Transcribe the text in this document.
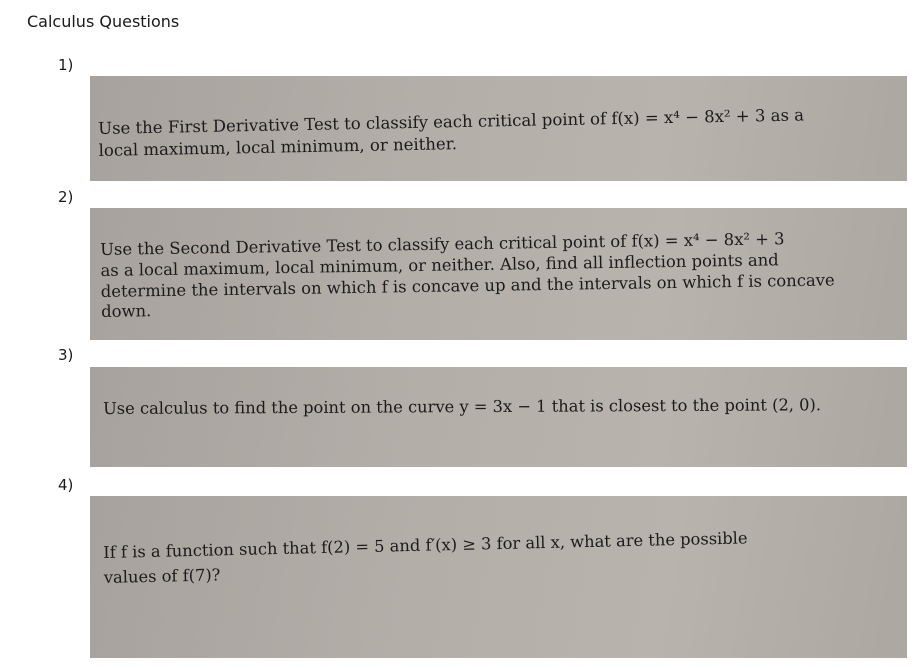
Calculus Questions
1)
Use the First Derivative Test to classify each critical point of f(x) = x⁴ − 8x² + 3 as a
local maximum, local minimum, or neither.
2)
Use the Second Derivative Test to classify each critical point of f(x) = x⁴ − 8x² + 3
as a local maximum, local minimum, or neither. Also, find all inflection points and
determine the intervals on which f is concave up and the intervals on which f is concave
down.
3)
Use calculus to find the point on the curve y = 3x − 1 that is closest to the point (2, 0).
4)
If f is a function such that f(2) = 5 and f′(x) ≥ 3 for all x, what are the possible
values of f(7)?
